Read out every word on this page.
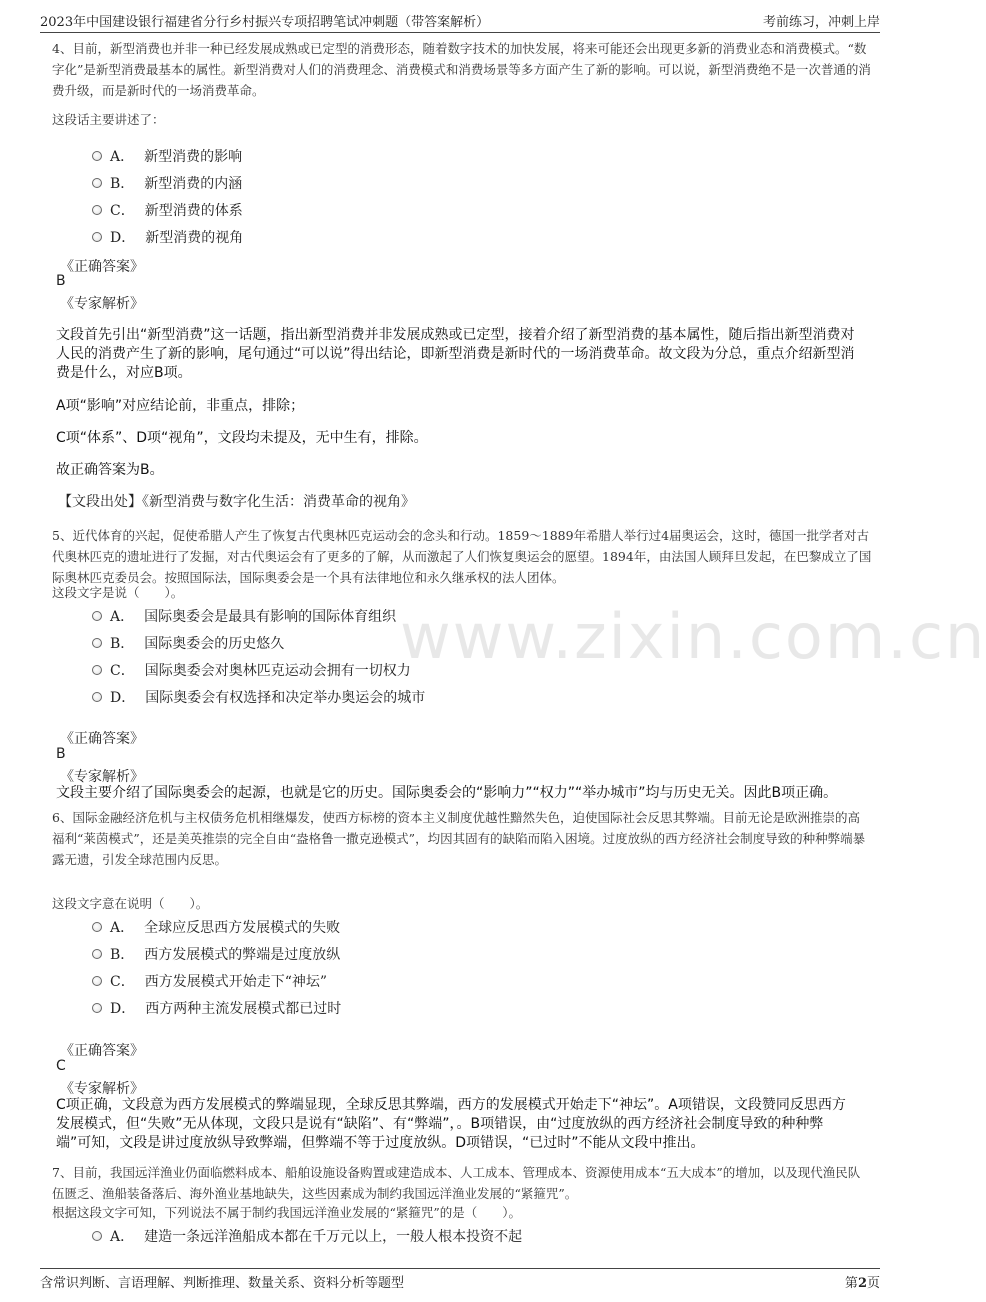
2023年中国建设银行福建省分行乡村振兴专项招聘笔试冲刺题（带答案解析）	考前练习，冲刺上岸
www.zixin.com.cn
4、目前，新型消费也并非一种已经发展成熟或已定型的消费形态，随着数字技术的加快发展，将来可能还会出现更多新的消费业态和消费模式。“数字化”是新型消费最基本的属性。新型消费对人们的消费理念、消费模式和消费场景等多方面产生了新的影响。可以说，新型消费绝不是一次普通的消费升级，而是新时代的一场消费革命。
这段话主要讲述了：
A． 新型消费的影响
B． 新型消费的内涵
C． 新型消费的体系
D． 新型消费的视角
《正确答案》
B
《专家解析》
文段首先引出“新型消费”这一话题，指出新型消费并非发展成熟或已定型，接着介绍了新型消费的基本属性，随后指出新型消费对人民的消费产生了新的影响，尾句通过“可以说”得出结论，即新型消费是新时代的一场消费革命。故文段为分总，重点介绍新型消费是什么，对应B项。
A项“影响”对应结论前，非重点，排除；
C项“体系”、D项“视角”，文段均未提及，无中生有，排除。
故正确答案为B。
【文段出处】《新型消费与数字化生活：消费革命的视角》
5、近代体育的兴起，促使希腊人产生了恢复古代奥林匹克运动会的念头和行动。1859～1889年希腊人举行过4届奥运会，这时，德国一批学者对古代奥林匹克的遗址进行了发掘，对古代奥运会有了更多的了解，从而激起了人们恢复奥运会的愿望。1894年，由法国人顾拜旦发起，在巴黎成立了国际奥林匹克委员会。按照国际法，国际奥委会是一个具有法律地位和永久继承权的法人团体。
这段文字是说（　　）。
A． 国际奥委会是最具有影响的国际体育组织
B． 国际奥委会的历史悠久
C． 国际奥委会对奥林匹克运动会拥有一切权力
D． 国际奥委会有权选择和决定举办奥运会的城市
《正确答案》
B
《专家解析》
文段主要介绍了国际奥委会的起源，也就是它的历史。国际奥委会的“影响力”“权力”“举办城市”均与历史无关。因此B项正确。
6、国际金融经济危机与主权债务危机相继爆发，使西方标榜的资本主义制度优越性黯然失色，迫使国际社会反思其弊端。目前无论是欧洲推崇的高福利“莱茵模式”，还是美英推崇的完全自由“盎格鲁一撒克逊模式”，均因其固有的缺陷而陷入困境。过度放纵的西方经济社会制度导致的种种弊端暴露无遗，引发全球范围内反思。
这段文字意在说明（　　）。
A． 全球应反思西方发展模式的失败
B． 西方发展模式的弊端是过度放纵
C． 西方发展模式开始走下“神坛”
D． 西方两种主流发展模式都已过时
《正确答案》
C
《专家解析》
C项正确，文段意为西方发展模式的弊端显现，全球反思其弊端，西方的发展模式开始走下“神坛”。A项错误，文段赞同反思西方发展模式，但“失败”无从体现，文段只是说有“缺陷”、有“弊端”，。B项错误，由“过度放纵的西方经济社会制度导致的种种弊端”可知，文段是讲过度放纵导致弊端，但弊端不等于过度放纵。D项错误，“已过时”不能从文段中推出。
7、目前，我国远洋渔业仍面临燃料成本、船舶设施设备购置或建造成本、人工成本、管理成本、资源使用成本“五大成本”的增加，以及现代渔民队伍匮乏、渔船装备落后、海外渔业基地缺失，这些因素成为制约我国远洋渔业发展的“紧箍咒”。
根据这段文字可知，下列说法不属于制约我国远洋渔业发展的“紧箍咒”的是（　　）。
A． 建造一条远洋渔船成本都在千万元以上，一般人根本投资不起
含常识判断、言语理解、判断推理、数量关系、资料分析等题型	第2页
